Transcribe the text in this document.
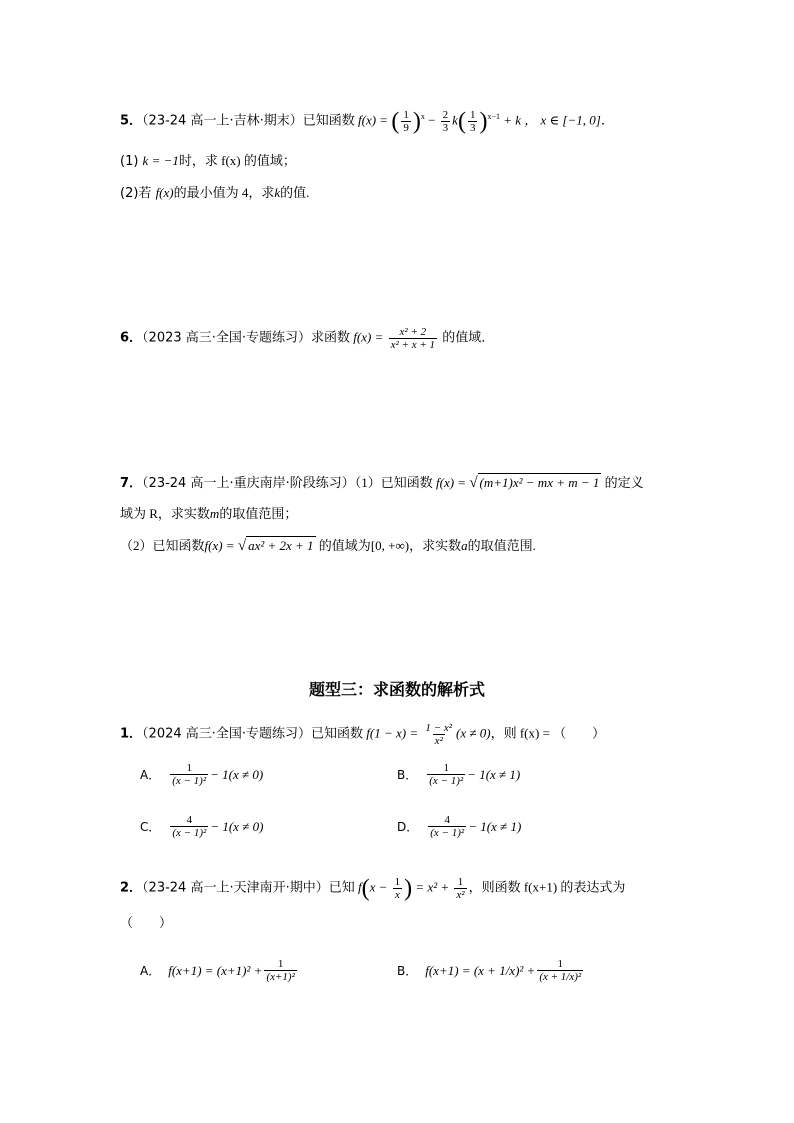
5．（23-24 高一上·吉林·期末）已知函数 f(x) = ( $\frac{1}{9} )^x - \frac{2}{3} k( \frac{1}{3} )^{x-1} + k$ ， x ∈ [−1, 0]．
(1) k = −1时，求 f(x) 的值域；
(2)若 f(x)的最小值为 4，求k的值.
6．（2023 高三·全国·专题练习）求函数 $f(x) = \frac{\text{x² + 2}}{\text{x² + x + 1}}$ 的值域．
7．（23-24 高一上·重庆南岸·阶段练习）（1）已知函数 f(x) = √ (m+1)x² − mx + m − 1 的定义
域为 R，求实数m的取值范围；
（2）已知函数f(x) = √ ax² + 2x + 1 的值域为[0, +∞)，求实数a的取值范围.
题型三：求函数的解析式
1．（2024 高三·全国·专题练习）已知函数 $f(1 - x) = \frac{\text{1 − x²}}{\text{x²}} (x \ne 0)$，则 f(x) = （　　）
A． $\frac{1}{\text{(x − 1)²}} - 1(x \ne 0)$	B． $\frac{1}{\text{(x − 1)²}} - 1(x \ne 1)$
C． $\frac{4}{\text{(x − 1)²}} - 1(x \ne 0)$	D． $\frac{4}{\text{(x − 1)²}} - 1(x \ne 1)$
2．（23-24 高一上·天津南开·期中）已知 $f(x - \frac{1}{x}$ ) = $x^2 + \frac{1}{\text{x²}}$ ，则函数 f(x+1) 的表达式为
（　　）
A． $f(x+1) = (x+1)^2 + \frac{1}{\text{(x+1)²}}$	B． $f(x+1) = (x + 1/x)^2 + \frac{1}{\text{(x + 1/x)²}}$
